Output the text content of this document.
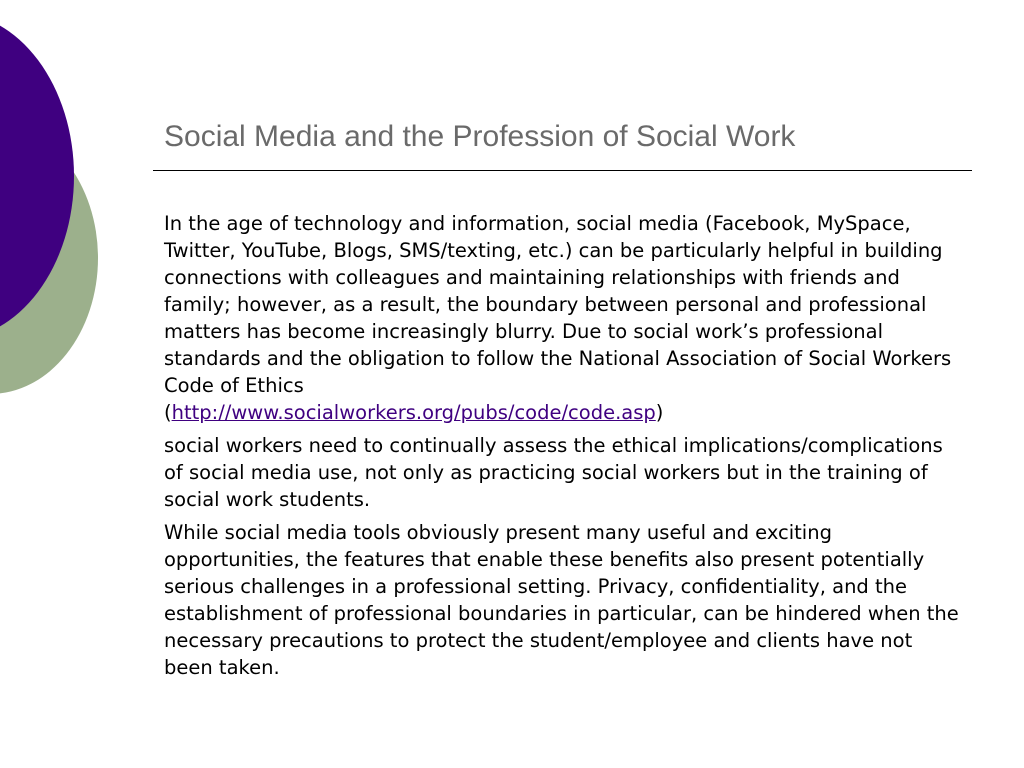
Social Media and the Profession of Social Work

In the age of technology and information, social media (Facebook, MySpace, Twitter, YouTube, Blogs, SMS/texting, etc.) can be particularly helpful in building connections with colleagues and maintaining relationships with friends and family; however, as a result, the boundary between personal and professional matters has become increasingly blurry. Due to social work’s professional standards and the obligation to follow the National Association of Social Workers Code of Ethics
(http://www.socialworkers.org/pubs/code/code.asp)

social workers need to continually assess the ethical implications/complications of social media use, not only as practicing social workers but in the training of social work students.

While social media tools obviously present many useful and exciting opportunities, the features that enable these benefits also present potentially serious challenges in a professional setting. Privacy, confidentiality, and the establishment of professional boundaries in particular, can be hindered when the necessary precautions to protect the student/employee and clients have not been taken.
